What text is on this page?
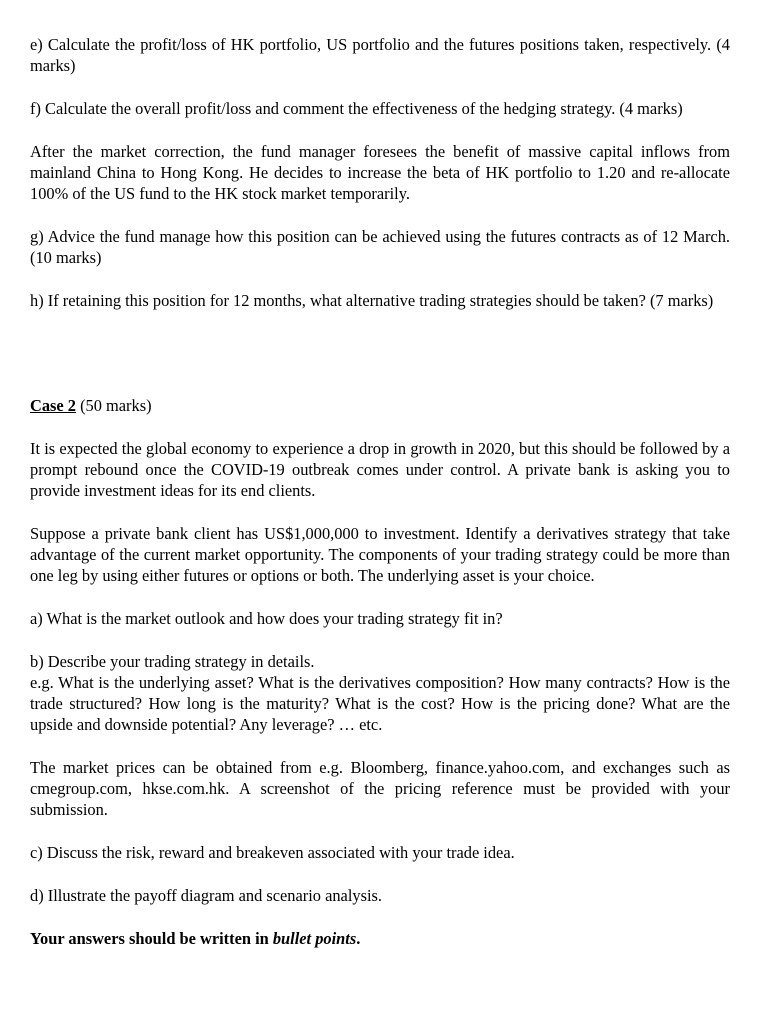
e) Calculate the profit/loss of HK portfolio, US portfolio and the futures positions taken, respectively. (4 marks)

f) Calculate the overall profit/loss and comment the effectiveness of the hedging strategy. (4 marks)

After the market correction, the fund manager foresees the benefit of massive capital inflows from mainland China to Hong Kong. He decides to increase the beta of HK portfolio to 1.20 and re-allocate 100% of the US fund to the HK stock market temporarily.

g) Advice the fund manage how this position can be achieved using the futures contracts as of 12 March. (10 marks)

h) If retaining this position for 12 months, what alternative trading strategies should be taken? (7 marks)

Case 2 (50 marks)

It is expected the global economy to experience a drop in growth in 2020, but this should be followed by a prompt rebound once the COVID-19 outbreak comes under control. A private bank is asking you to provide investment ideas for its end clients.

Suppose a private bank client has US$1,000,000 to investment. Identify a derivatives strategy that take advantage of the current market opportunity. The components of your trading strategy could be more than one leg by using either futures or options or both. The underlying asset is your choice.

a) What is the market outlook and how does your trading strategy fit in?

b) Describe your trading strategy in details.

e.g. What is the underlying asset? What is the derivatives composition? How many contracts? How is the trade structured? How long is the maturity? What is the cost? How is the pricing done? What are the upside and downside potential? Any leverage? … etc.

The market prices can be obtained from e.g. Bloomberg, finance.yahoo.com, and exchanges such as cmegroup.com, hkse.com.hk. A screenshot of the pricing reference must be provided with your submission.

c) Discuss the risk, reward and breakeven associated with your trade idea.

d) Illustrate the payoff diagram and scenario analysis.

Your answers should be written in bullet points.
